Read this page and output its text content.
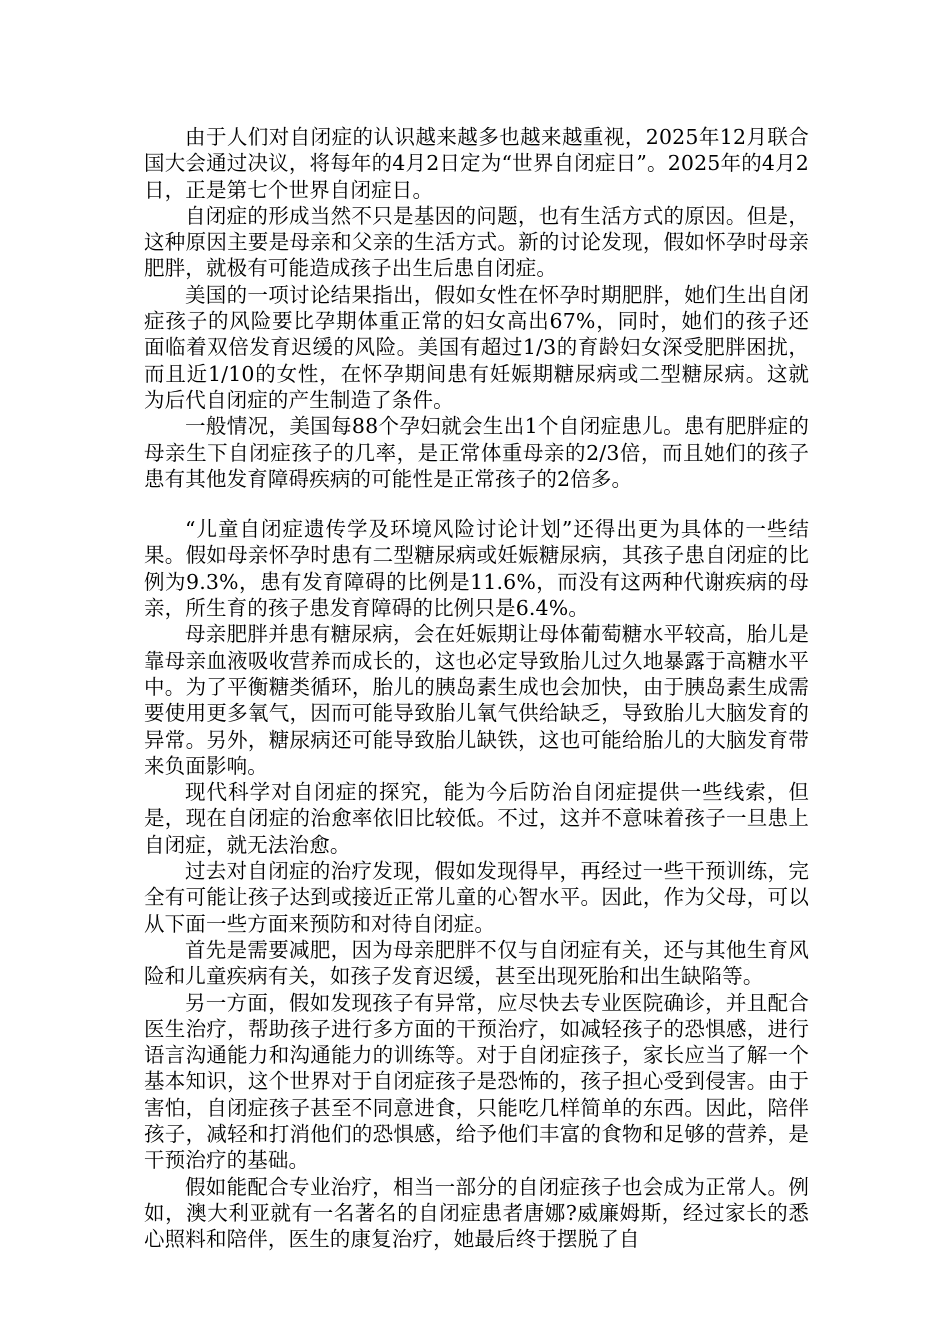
由于人们对自闭症的认识越来越多也越来越重视，2025年12月联合国大会通过决议，将每年的4月2日定为“世界自闭症日”。2025年的4月2日，正是第七个世界自闭症日。

自闭症的形成当然不只是基因的问题，也有生活方式的原因。但是，这种原因主要是母亲和父亲的生活方式。新的讨论发现，假如怀孕时母亲肥胖，就极有可能造成孩子出生后患自闭症。

美国的一项讨论结果指出，假如女性在怀孕时期肥胖，她们生出自闭症孩子的风险要比孕期体重正常的妇女高出67%，同时，她们的孩子还面临着双倍发育迟缓的风险。美国有超过1/3的育龄妇女深受肥胖困扰，而且近1/10的女性，在怀孕期间患有妊娠期糖尿病或二型糖尿病。这就为后代自闭症的产生制造了条件。

一般情况，美国每88个孕妇就会生出1个自闭症患儿。患有肥胖症的母亲生下自闭症孩子的几率，是正常体重母亲的2/3倍，而且她们的孩子患有其他发育障碍疾病的可能性是正常孩子的2倍多。

“儿童自闭症遗传学及环境风险讨论计划”还得出更为具体的一些结果。假如母亲怀孕时患有二型糖尿病或妊娠糖尿病，其孩子患自闭症的比例为9.3%，患有发育障碍的比例是11.6%，而没有这两种代谢疾病的母亲，所生育的孩子患发育障碍的比例只是6.4%。

母亲肥胖并患有糖尿病，会在妊娠期让母体葡萄糖水平较高，胎儿是靠母亲血液吸收营养而成长的，这也必定导致胎儿过久地暴露于高糖水平中。为了平衡糖类循环，胎儿的胰岛素生成也会加快，由于胰岛素生成需要使用更多氧气，因而可能导致胎儿氧气供给缺乏，导致胎儿大脑发育的异常。另外，糖尿病还可能导致胎儿缺铁，这也可能给胎儿的大脑发育带来负面影响。

现代科学对自闭症的探究，能为今后防治自闭症提供一些线索，但是，现在自闭症的治愈率依旧比较低。不过，这并不意味着孩子一旦患上自闭症，就无法治愈。

过去对自闭症的治疗发现，假如发现得早，再经过一些干预训练，完全有可能让孩子达到或接近正常儿童的心智水平。因此，作为父母，可以从下面一些方面来预防和对待自闭症。

首先是需要减肥，因为母亲肥胖不仅与自闭症有关，还与其他生育风险和儿童疾病有关，如孩子发育迟缓，甚至出现死胎和出生缺陷等。

另一方面，假如发现孩子有异常，应尽快去专业医院确诊，并且配合医生治疗，帮助孩子进行多方面的干预治疗，如减轻孩子的恐惧感，进行语言沟通能力和沟通能力的训练等。对于自闭症孩子，家长应当了解一个基本知识，这个世界对于自闭症孩子是恐怖的，孩子担心受到侵害。由于害怕，自闭症孩子甚至不同意进食，只能吃几样简单的东西。因此，陪伴孩子，减轻和打消他们的恐惧感，给予他们丰富的食物和足够的营养，是干预治疗的基础。

假如能配合专业治疗，相当一部分的自闭症孩子也会成为正常人。例如，澳大利亚就有一名著名的自闭症患者唐娜?威廉姆斯，经过家长的悉心照料和陪伴，医生的康复治疗，她最后终于摆脱了自
